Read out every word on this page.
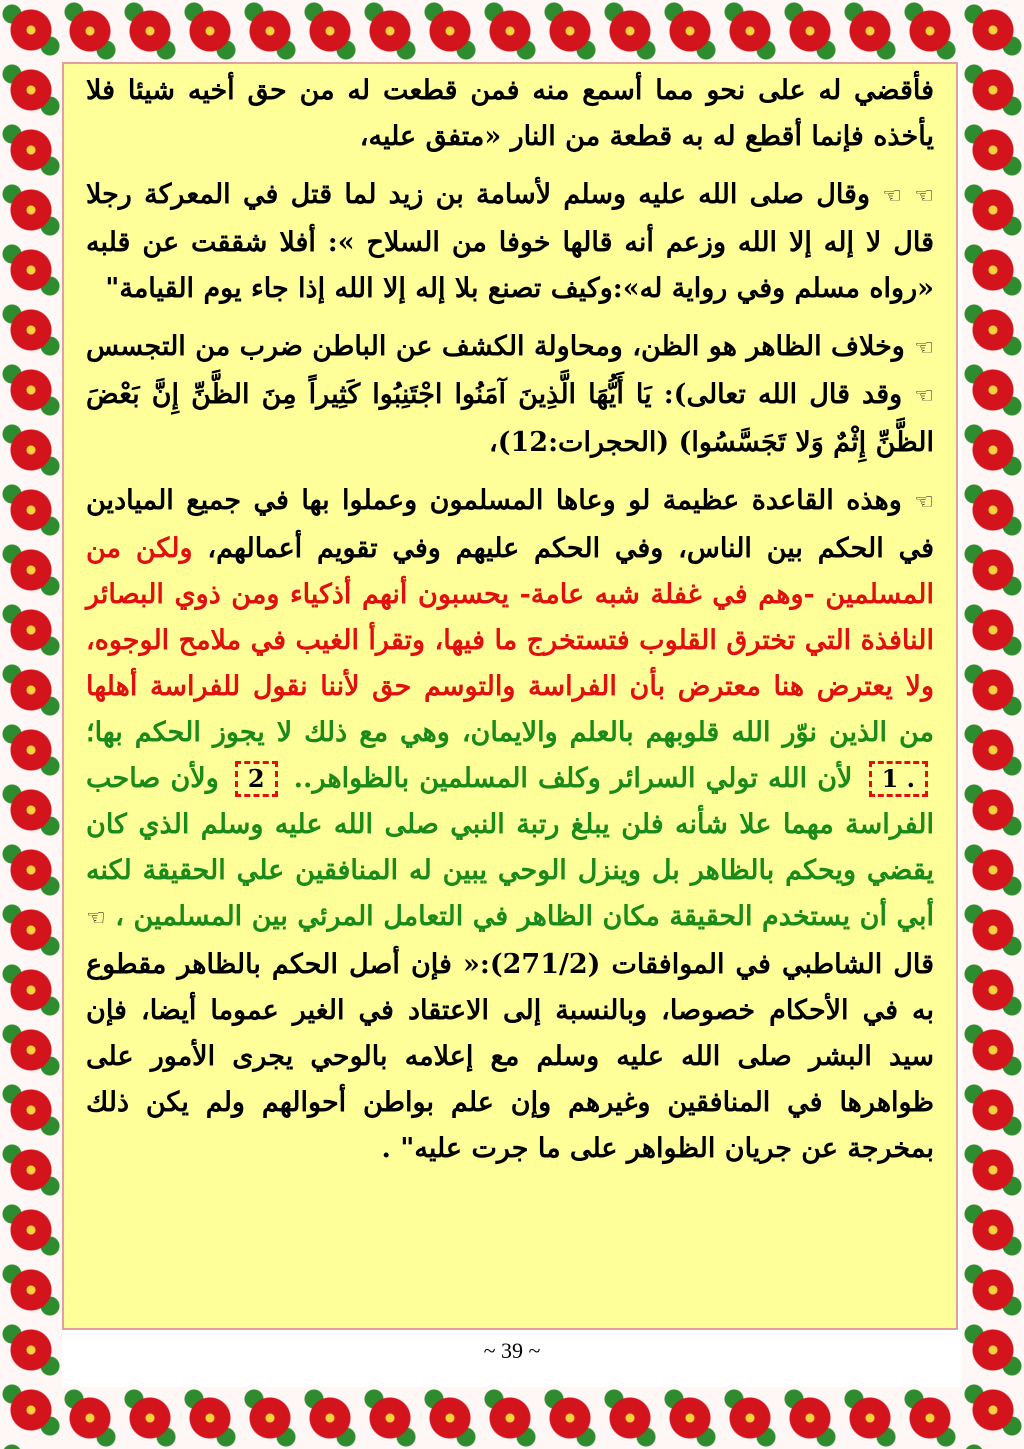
فأقضي له على نحو مما أسمع منه فمن قطعت له من حق أخيه شيئا فلا يأخذه فإنما أقطع له به قطعة من النار «متفق عليه،

☜ ☜ وقال صلى الله عليه وسلم لأسامة بن زيد لما قتل في المعركة رجلا قال لا إله إلا الله وزعم أنه قالها خوفا من السلاح »: أفلا شققت عن قلبه «رواه مسلم وفي رواية له»:وكيف تصنع بلا إله إلا الله إذا جاء يوم القيامة"

☜ وخلاف الظاهر هو الظن، ومحاولة الكشف عن الباطن ضرب من التجسس ☜ وقد قال الله تعالى): يَا أَيُّهَا الَّذِينَ آمَنُوا اجْتَنِبُوا كَثِيراً مِنَ الظَّنِّ إِنَّ بَعْضَ الظَّنِّ إِثْمٌ وَلا تَجَسَّسُوا) (الحجرات:12)،

☜ وهذه القاعدة عظيمة لو وعاها المسلمون وعملوا بها في جميع الميادين في الحكم بين الناس، وفي الحكم عليهم وفي تقويم أعمالهم، ولكن من المسلمين -وهم في غفلة شبه عامة- يحسبون أنهم أذكياء ومن ذوي البصائر النافذة التي تخترق القلوب فتستخرج ما فيها، وتقرأ الغيب في ملامح الوجوه، ولا يعترض هنا معترض بأن الفراسة والتوسم حق لأننا نقول للفراسة أهلها من الذين نوّر الله قلوبهم بالعلم والايمان، وهي مع ذلك لا يجوز الحكم بها؛ 1 . لأن الله تولي السرائر وكلف المسلمين بالظواهر.. 2 ولأن صاحب الفراسة مهما علا شأنه فلن يبلغ رتبة النبي صلى الله عليه وسلم الذي كان يقضي ويحكم بالظاهر بل وينزل الوحي يبين له المنافقين علي الحقيقة لكنه أبي أن يستخدم الحقيقة مكان الظاهر في التعامل المرئي بين المسلمين ، ☜ قال الشاطبي في الموافقات (271/2):« فإن أصل الحكم بالظاهر مقطوع به في الأحكام خصوصا، وبالنسبة إلى الاعتقاد في الغير عموما أيضا، فإن سيد البشر صلى الله عليه وسلم مع إعلامه بالوحي يجرى الأمور على ظواهرها في المنافقين وغيرهم وإن علم بواطن أحوالهم ولم يكن ذلك بمخرجة عن جريان الظواهر على ما جرت عليه" .

~ 39 ~
